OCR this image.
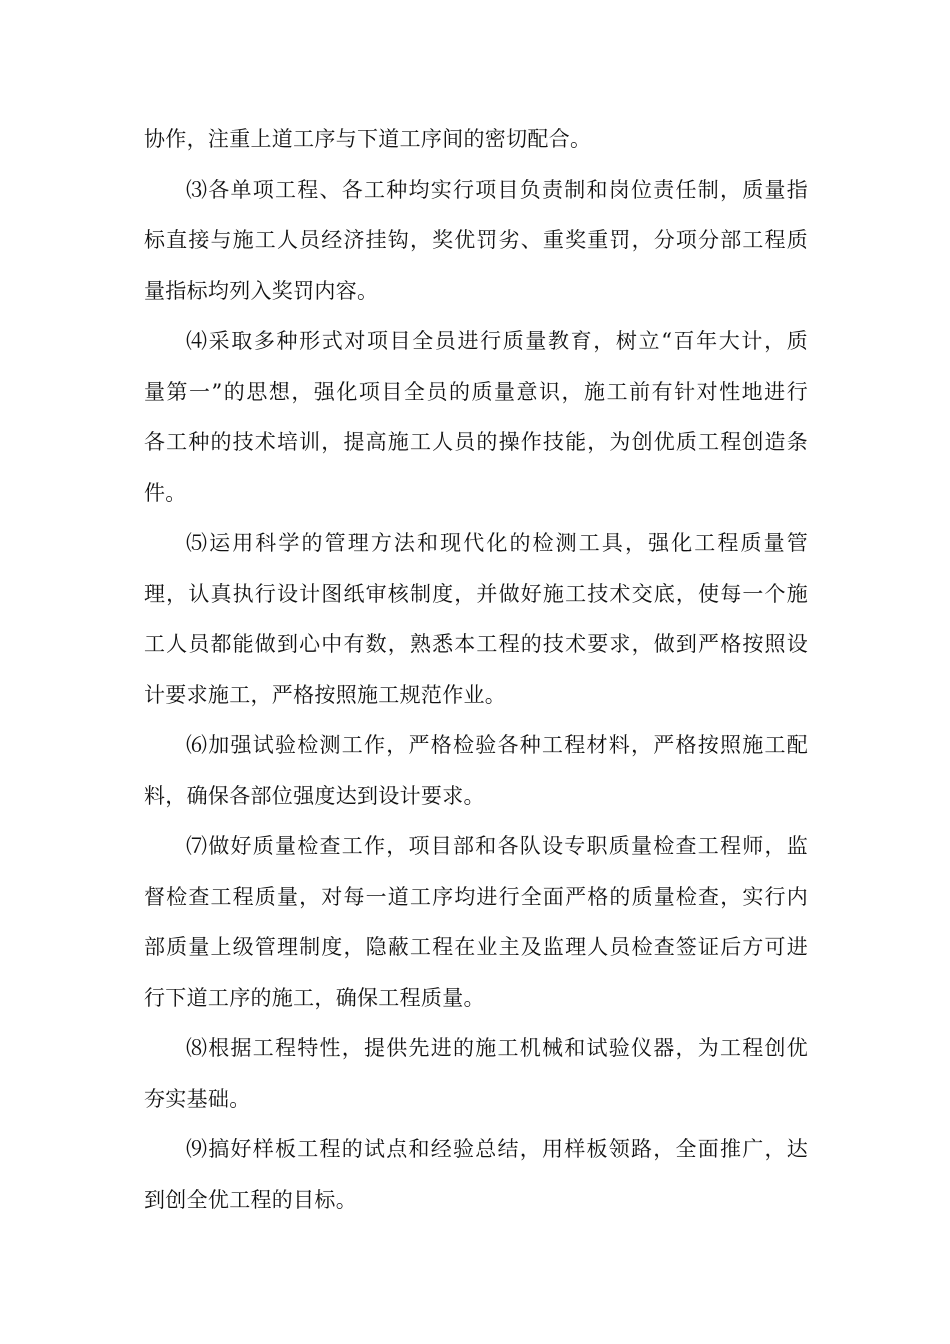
协作，注重上道工序与下道工序间的密切配合。

⑶各单项工程、各工种均实行项目负责制和岗位责任制，质量指
标直接与施工人员经济挂钩，奖优罚劣、重奖重罚，分项分部工程质
量指标均列入奖罚内容。

⑷采取多种形式对项目全员进行质量教育，树立“百年大计，质
量第一”的思想，强化项目全员的质量意识，施工前有针对性地进行
各工种的技术培训，提高施工人员的操作技能，为创优质工程创造条
件。

⑸运用科学的管理方法和现代化的检测工具，强化工程质量管
理，认真执行设计图纸审核制度，并做好施工技术交底，使每一个施
工人员都能做到心中有数，熟悉本工程的技术要求，做到严格按照设
计要求施工，严格按照施工规范作业。

⑹加强试验检测工作，严格检验各种工程材料，严格按照施工配
料，确保各部位强度达到设计要求。

⑺做好质量检查工作，项目部和各队设专职质量检查工程师，监
督检查工程质量，对每一道工序均进行全面严格的质量检查，实行内
部质量上级管理制度，隐蔽工程在业主及监理人员检查签证后方可进
行下道工序的施工，确保工程质量。

⑻根据工程特性，提供先进的施工机械和试验仪器，为工程创优
夯实基础。

⑼搞好样板工程的试点和经验总结，用样板领路，全面推广，达
到创全优工程的目标。
